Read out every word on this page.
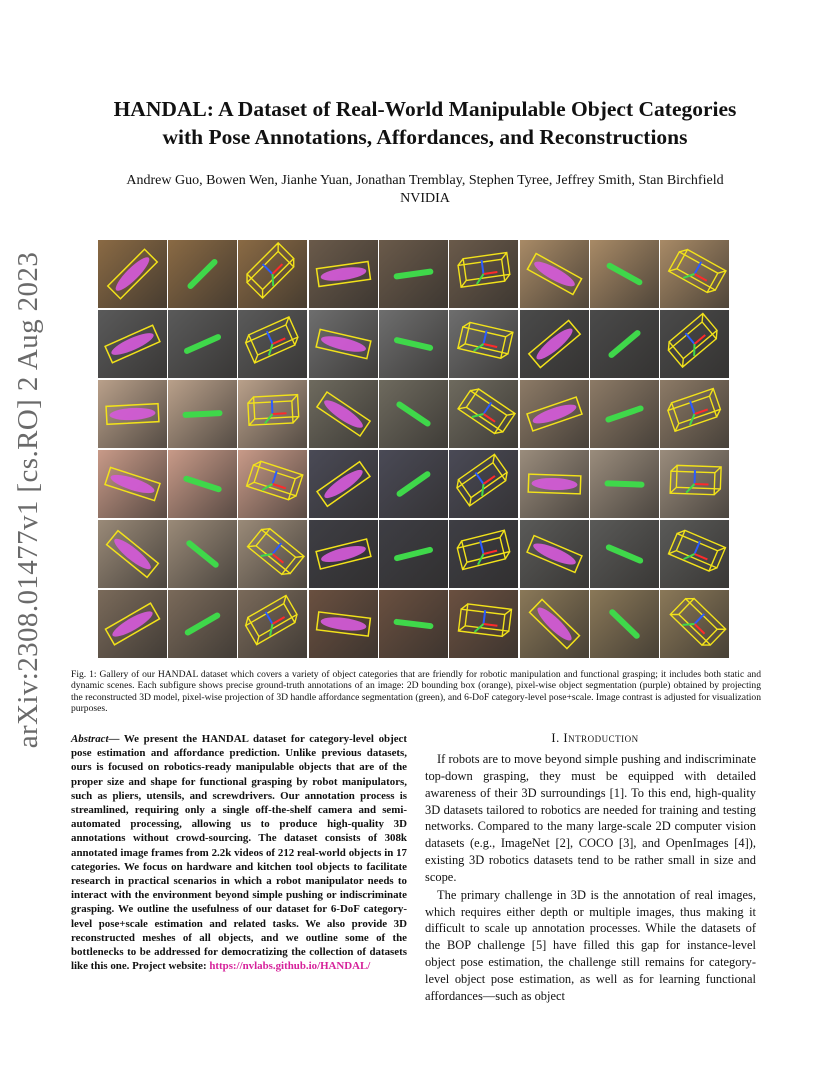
arXiv:2308.01477v1 [cs.RO] 2 Aug 2023
HANDAL: A Dataset of Real-World Manipulable Object Categories
with Pose Annotations, Affordances, and Reconstructions
Andrew Guo, Bowen Wen, Jianhe Yuan, Jonathan Tremblay, Stephen Tyree, Jeffrey Smith, Stan Birchfield
NVIDIA
Fig. 1: Gallery of our HANDAL dataset which covers a variety of object categories that are friendly for robotic manipulation and functional grasping; it includes both static and dynamic scenes. Each subfigure shows precise ground-truth annotations of an image: 2D bounding box (orange), pixel-wise object segmentation (purple) obtained by projecting the reconstructed 3D model, pixel-wise projection of 3D handle affordance segmentation (green), and 6-DoF category-level pose+scale. Image contrast is adjusted for visualization purposes.
Abstract— We present the HANDAL dataset for category-level object pose estimation and affordance prediction. Unlike previous datasets, ours is focused on robotics-ready manipulable objects that are of the proper size and shape for functional grasping by robot manipulators, such as pliers, utensils, and screwdrivers. Our annotation process is streamlined, requiring only a single off-the-shelf camera and semi-automated processing, allowing us to produce high-quality 3D annotations without crowd-sourcing. The dataset consists of 308k annotated image frames from 2.2k videos of 212 real-world objects in 17 categories. We focus on hardware and kitchen tool objects to facilitate research in practical scenarios in which a robot manipulator needs to interact with the environment beyond simple pushing or indiscriminate grasping. We outline the usefulness of our dataset for 6-DoF category-level pose+scale estimation and related tasks. We also provide 3D reconstructed meshes of all objects, and we outline some of the bottlenecks to be addressed for democratizing the collection of datasets like this one. Project website: https://nvlabs.github.io/HANDAL/
I. Introduction

If robots are to move beyond simple pushing and indiscriminate top-down grasping, they must be equipped with detailed awareness of their 3D surroundings [1]. To this end, high-quality 3D datasets tailored to robotics are needed for training and testing networks. Compared to the many large-scale 2D computer vision datasets (e.g., ImageNet [2], COCO [3], and OpenImages [4]), existing 3D robotics datasets tend to be rather small in size and scope.

The primary challenge in 3D is the annotation of real images, which requires either depth or multiple images, thus making it difficult to scale up annotation processes. While the datasets of the BOP challenge [5] have filled this gap for instance-level object pose estimation, the challenge still remains for category-level object pose estimation, as well as for learning functional affordances—such as object
